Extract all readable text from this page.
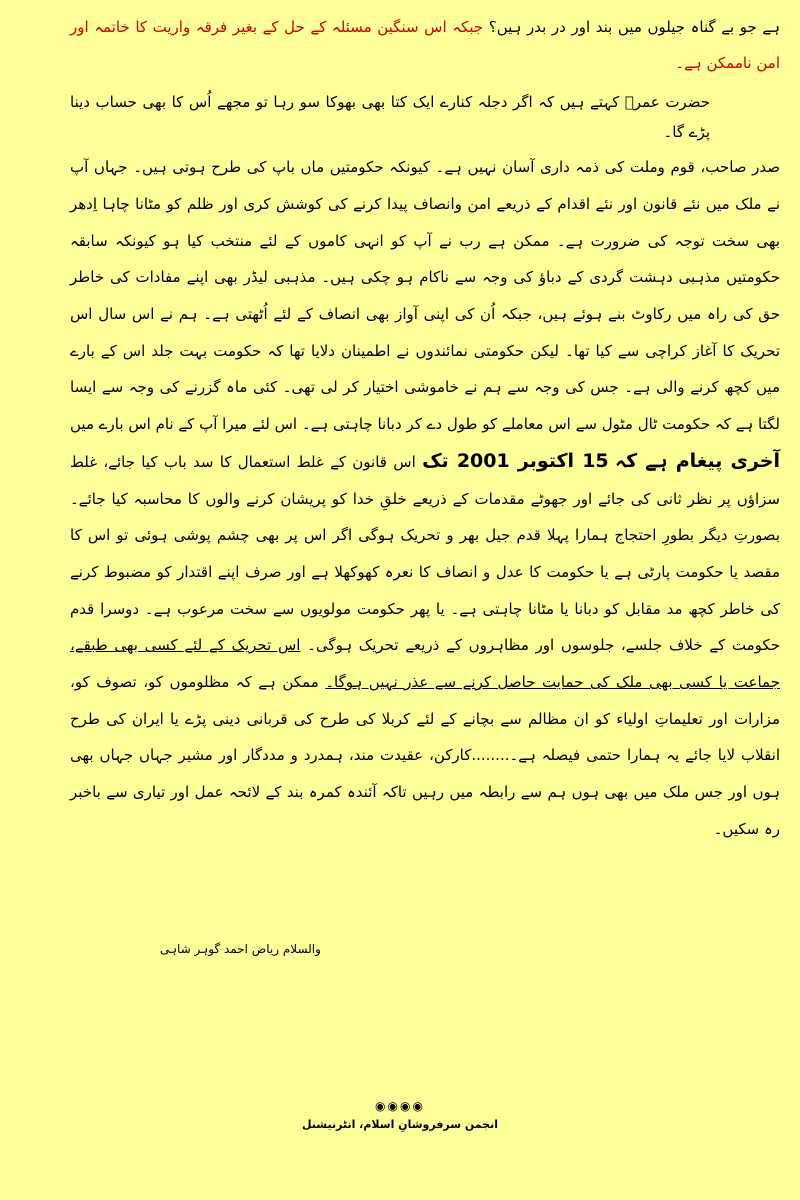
ہے جو بے گناہ جیلوں میں بند اور در بدر ہیں؟ جبکہ اس سنگین مسئلہ کے حل کے بغیر فرقہ واریت کا خاتمہ اور امن ناممکن ہے۔

حضرت عمرؓ کہتے ہیں کہ اگر دجلہ کنارے ایک کتا بھی بھوکا سو رہا تو مجھے اُس کا بھی حساب دینا پڑے گا۔

صدر صاحب، قوم وملت کی ذمہ داری آسان نہیں ہے۔ کیونکہ حکومتیں ماں باپ کی طرح ہوتی ہیں۔ جہاں آپ نے ملک میں نئے قانون اور نئے اقدام کے ذریعے امن وانصاف پیدا کرنے کی کوشش کری اور ظلم کو مٹانا چاہا اِدھر بھی سخت توجہ کی ضرورت ہے۔ ممکن ہے رب نے آپ کو انہی کاموں کے لئے منتخب کیا ہو کیونکہ سابقہ حکومتیں مذہبی دہشت گردی کے دباؤ کی وجہ سے ناکام ہو چکی ہیں۔ مذہبی لیڈر بھی اپنے مفادات کی خاطر حق کی راہ میں رکاوٹ بنے ہوئے ہیں، جبکہ اُن کی اپنی آواز بھی انصاف کے لئے اُٹھتی ہے۔ ہم نے اس سال اس تحریک کا آغاز کراچی سے کیا تھا۔ لیکن حکومتی نمائندوں نے اطمینان دلایا تھا کہ حکومت بہت جلد اس کے بارے میں کچھ کرنے والی ہے۔ جس کی وجہ سے ہم نے خاموشی اختیار کر لی تھی۔ کئی ماہ گزرنے کی وجہ سے ایسا لگتا ہے کہ حکومت ٹال مٹول سے اس معاملے کو طول دے کر دبانا چاہتی ہے۔ اس لئے میرا آپ کے نام اس بارے میں آخری پیغام ہے کہ 15 اکتوبر 2001 تک اس قانون کے غلط استعمال کا سد باب کیا جائے، غلط سزاؤں پر نظر ثانی کی جائے اور جھوٹے مقدمات کے ذریعے خلقِ خدا کو پریشان کرنے والوں کا محاسبہ کیا جائے۔ بصورتِ دیگر بطورِ احتجاج ہمارا پہلا قدم جیل بھر و تحریک ہوگی اگر اس پر بھی چشم پوشی ہوئی تو اس کا مقصد یا حکومت پارٹی ہے یا حکومت کا عدل و انصاف کا نعرہ کھوکھلا ہے اور صرف اپنے اقتدار کو مضبوط کرنے کی خاطر کچھ مد مقابل کو دبانا یا مٹانا چاہتی ہے۔ یا پھر حکومت مولویوں سے سخت مرعوب ہے۔ دوسرا قدم حکومت کے خلاف جلسے، جلوسوں اور مظاہروں کے ذریعے تحریک ہوگی۔ اس تحریک کے لئے کسی بھی طبقے، جماعت یا کسی بھی ملک کی حمایت حاصل کرنے سے عذر نہیں ہوگا۔ ممکن ہے کہ مظلوموں کو، تصوف کو، مزارات اور تعلیماتِ اولیاء کو ان مظالم سے بچانے کے لئے کربلا کی طرح کی قربانی دینی پڑے یا ایران کی طرح انقلاب لایا جائے یہ ہمارا حتمی فیصلہ ہے۔........کارکن، عقیدت مند، ہمدرد و مددگار اور مشیر جہاں جہاں بھی ہوں اور جس ملک میں بھی ہوں ہم سے رابطہ میں رہیں تاکہ آئندہ کمرہ بند کے لائحہ عمل اور تیاری سے باخبر رہ سکیں۔

والسلام ریاض احمد گوہر شاہی
◉◉◉◉
انجمن سرفروشانِ اسلام، انٹرنیشنل
